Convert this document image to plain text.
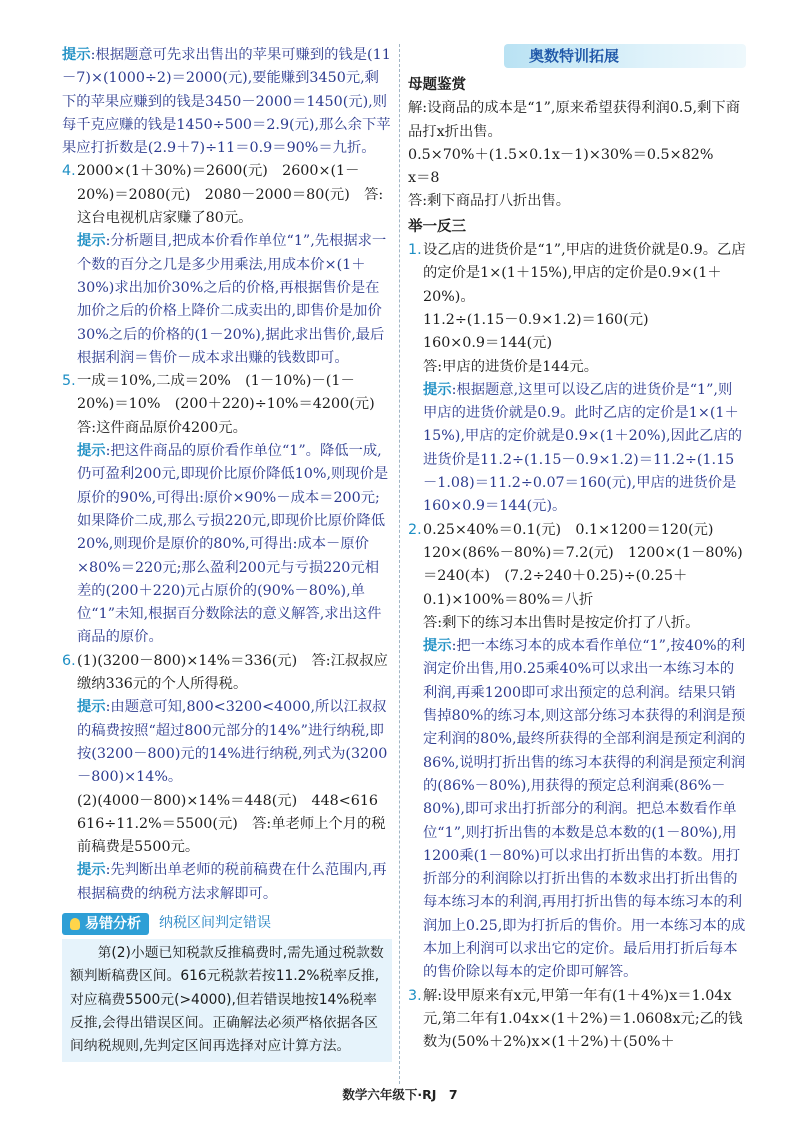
提示:根据题意可先求出售出的苹果可赚到的钱是(11－7)×(1000÷2)＝2000(元),要能赚到3450元,剩下的苹果应赚到的钱是3450－2000＝1450(元),则每千克应赚的钱是1450÷500＝2.9(元),那么余下苹果应打折数是(2.9＋7)÷11＝0.9＝90%＝九折。

4. 2000×(1＋30%)＝2600(元)　2600×(1－20%)＝2080(元)　2080－2000＝80(元)　答:这台电视机店家赚了80元。

提示:分析题目,把成本价看作单位“1”,先根据求一个数的百分之几是多少用乘法,用成本价×(1＋30%)求出加价30%之后的价格,再根据售价是在加价之后的价格上降价二成卖出的,即售价是加价30%之后的价格的(1－20%),据此求出售价,最后根据利润＝售价－成本求出赚的钱数即可。

5. 一成＝10%,二成＝20%　(1－10%)－(1－20%)＝10%　(200＋220)÷10%＝4200(元)　答:这件商品原价4200元。

提示:把这件商品的原价看作单位“1”。降低一成,仍可盈利200元,即现价比原价降低10%,则现价是原价的90%,可得出:原价×90%－成本＝200元;如果降价二成,那么亏损220元,即现价比原价降低20%,则现价是原价的80%,可得出:成本－原价×80%＝220元;那么盈利200元与亏损220元相差的(200＋220)元占原价的(90%－80%),单位“1”未知,根据百分数除法的意义解答,求出这件商品的原价。

6. (1)(3200－800)×14%＝336(元)　答:江叔叔应缴纳336元的个人所得税。

提示:由题意可知,800<3200<4000,所以江叔叔的稿费按照“超过800元部分的14%”进行纳税,即按(3200－800)元的14%进行纳税,列式为(3200－800)×14%。

(2)(4000－800)×14%＝448(元)　448<616　616÷11.2%＝5500(元)　答:单老师上个月的税前稿费是5500元。

提示:先判断出单老师的税前稿费在什么范围内,再根据稿费的纳税方法求解即可。

易错分析 纳税区间判定错误

第(2)小题已知税款反推稿费时,需先通过税款数额判断稿费区间。616元税款若按11.2%税率反推,对应稿费5500元(>4000),但若错误地按14%税率反推,会得出错误区间。正确解法必须严格依据各区间纳税规则,先判定区间再选择对应计算方法。

奥数特训拓展

母题鉴赏

解:设商品的成本是“1”,原来希望获得利润0.5,剩下商品打x折出售。

0.5×70%＋(1.5×0.1x－1)×30%＝0.5×82%

x＝8

答:剩下商品打八折出售。

举一反三

1. 设乙店的进货价是“1”,甲店的进货价就是0.9。乙店的定价是1×(1＋15%),甲店的定价是0.9×(1＋20%)。

11.2÷(1.15－0.9×1.2)＝160(元)

160×0.9＝144(元)

答:甲店的进货价是144元。

提示:根据题意,这里可以设乙店的进货价是“1”,则甲店的进货价就是0.9。此时乙店的定价是1×(1＋15%),甲店的定价就是0.9×(1＋20%),因此乙店的进货价是11.2÷(1.15－0.9×1.2)＝11.2÷(1.15－1.08)＝11.2÷0.07＝160(元),甲店的进货价是160×0.9＝144(元)。

2. 0.25×40%＝0.1(元)　0.1×1200＝120(元)　120×(86%－80%)＝7.2(元)　1200×(1－80%)＝240(本)　(7.2÷240＋0.25)÷(0.25＋0.1)×100%＝80%＝八折

答:剩下的练习本出售时是按定价打了八折。

提示:把一本练习本的成本看作单位“1”,按40%的利润定价出售,用0.25乘40%可以求出一本练习本的利润,再乘1200即可求出预定的总利润。结果只销售掉80%的练习本,则这部分练习本获得的利润是预定利润的80%,最终所获得的全部利润是预定利润的86%,说明打折出售的练习本获得的利润是预定利润的(86%－80%),用获得的预定总利润乘(86%－80%),即可求出打折部分的利润。把总本数看作单位“1”,则打折出售的本数是总本数的(1－80%),用1200乘(1－80%)可以求出打折出售的本数。用打折部分的利润除以打折出售的本数求出打折出售的每本练习本的利润,再用打折出售的每本练习本的利润加上0.25,即为打折后的售价。用一本练习本的成本加上利润可以求出它的定价。最后用打折后每本的售价除以每本的定价即可解答。

3. 解:设甲原来有x元,甲第一年有(1＋4%)x＝1.04x元,第二年有1.04x×(1＋2%)＝1.0608x元;乙的钱数为(50%＋2%)x×(1＋2%)＋(50%＋

数学六年级下·RJ　7
